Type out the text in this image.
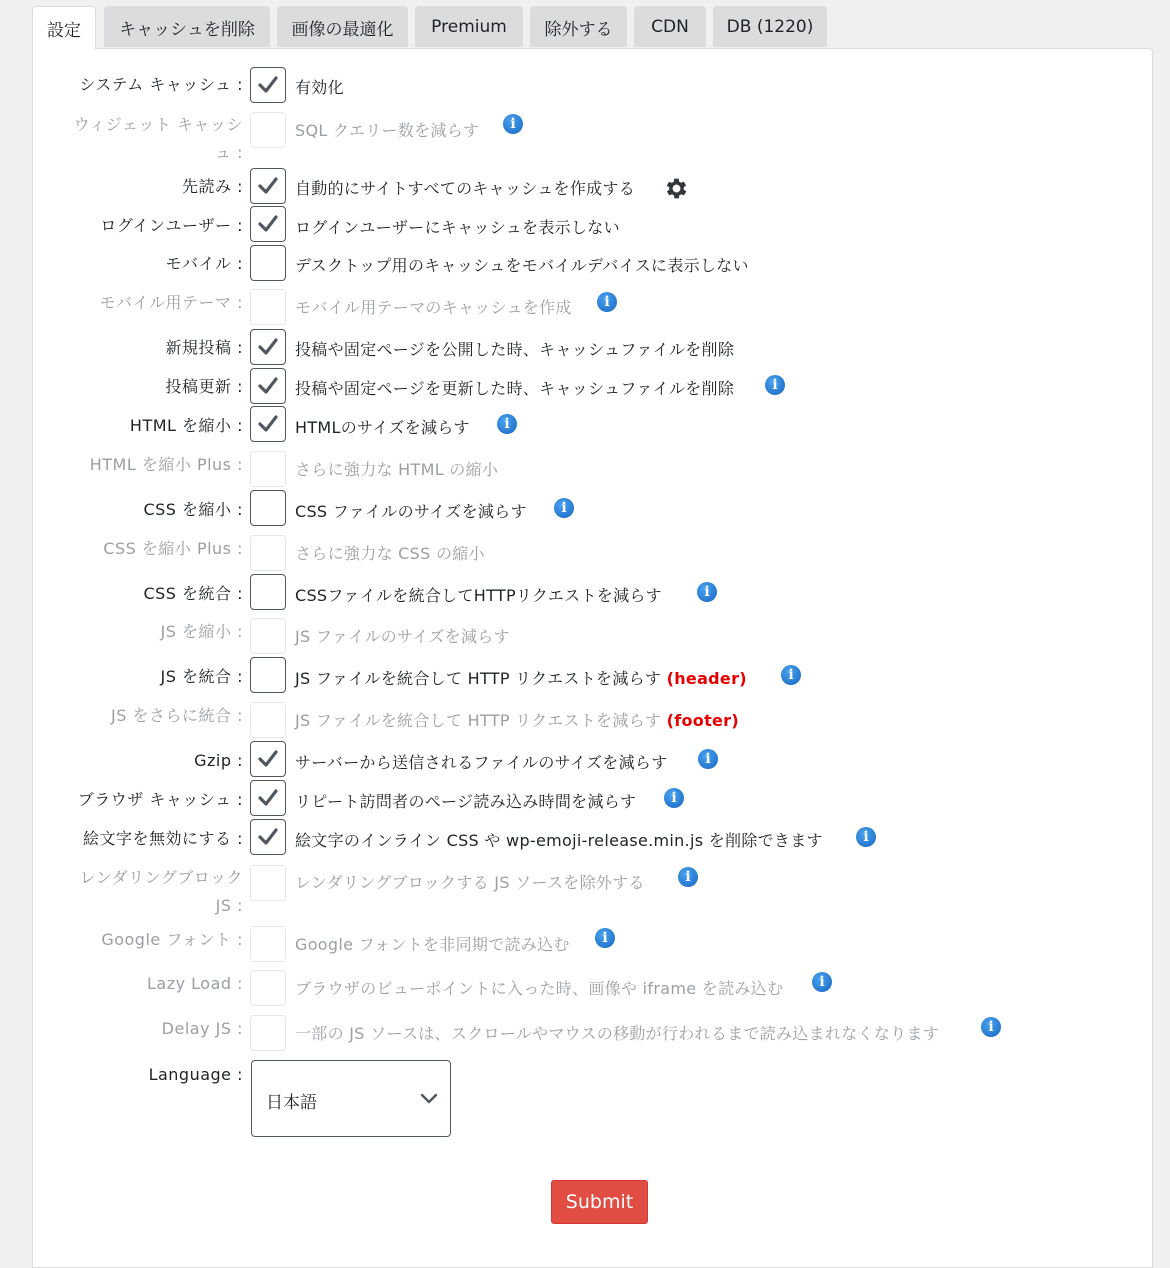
設定	キャッシュを削除	画像の最適化	Premium	除外する	CDN	DB (1220)
システム キャッシュ :	有効化
ウィジェット キャッシ
ュ :
SQL クエリー数を減らす	i
先読み :	自動的にサイトすべてのキャッシュを作成する
ログインユーザー :	ログインユーザーにキャッシュを表示しない
モバイル :	デスクトップ用のキャッシュをモバイルデバイスに表示しない
モバイル用テーマ :	モバイル用テーマのキャッシュを作成	i
新規投稿 :	投稿や固定ページを公開した時、キャッシュファイルを削除
投稿更新 :	投稿や固定ページを更新した時、キャッシュファイルを削除	i
HTML を縮小 :	HTMLのサイズを減らす	i
HTML を縮小 Plus :	さらに強力な HTML の縮小
CSS を縮小 :	CSS ファイルのサイズを減らす	i
CSS を縮小 Plus :	さらに強力な CSS の縮小
CSS を統合 :	CSSファイルを統合してHTTPリクエストを減らす	i
JS を縮小 :	JS ファイルのサイズを減らす
JS を統合 :	JS ファイルを統合して HTTP リクエストを減らす (header)	i
JS をさらに統合 :	JS ファイルを統合して HTTP リクエストを減らす (footer)
Gzip :	サーバーから送信されるファイルのサイズを減らす	i
ブラウザ キャッシュ :	リピート訪問者のページ読み込み時間を減らす	i
絵文字を無効にする :	絵文字のインライン CSS や wp-emoji-release.min.js を削除できます	i
レンダリングブロック
JS :
レンダリングブロックする JS ソースを除外する	i
Google フォント :	Google フォントを非同期で読み込む	i
Lazy Load :	ブラウザのビューポイントに入った時、画像や iframe を読み込む	i
Delay JS :	一部の JS ソースは、スクロールやマウスの移動が行われるまで読み込まれなくなります	i
Language :
日本語
Submit
